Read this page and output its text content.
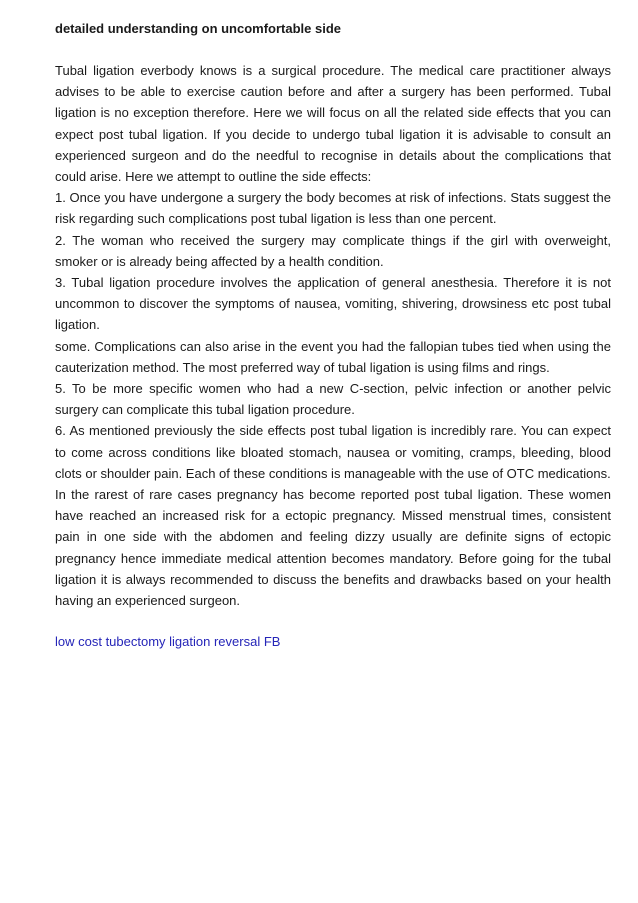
detailed understanding on uncomfortable side

Tubal ligation everbody knows is a surgical procedure. The medical care practitioner always advises to be able to exercise caution before and after a surgery has been performed. Tubal ligation is no exception therefore. Here we will focus on all the related side effects that you can expect post tubal ligation. If you decide to undergo tubal ligation it is advisable to consult an experienced surgeon and do the needful to recognise in details about the complications that could arise. Here we attempt to outline the side effects:

1. Once you have undergone a surgery the body becomes at risk of infections. Stats suggest the risk regarding such complications post tubal ligation is less than one percent.

2. The woman who received the surgery may complicate things if the girl with overweight, smoker or is already being affected by a health condition.

3. Tubal ligation procedure involves the application of general anesthesia. Therefore it is not uncommon to discover the symptoms of nausea, vomiting, shivering, drowsiness etc post tubal ligation.

some. Complications can also arise in the event you had the fallopian tubes tied when using the cauterization method. The most preferred way of tubal ligation is using films and rings.

5. To be more specific women who had a new C-section, pelvic infection or another pelvic surgery can complicate this tubal ligation procedure.

6. As mentioned previously the side effects post tubal ligation is incredibly rare. You can expect to come across conditions like bloated stomach, nausea or vomiting, cramps, bleeding, blood clots or shoulder pain. Each of these conditions is manageable with the use of OTC medications.

In the rarest of rare cases pregnancy has become reported post tubal ligation. These women have reached an increased risk for a ectopic pregnancy. Missed menstrual times, consistent pain in one side with the abdomen and feeling dizzy usually are definite signs of ectopic pregnancy hence immediate medical attention becomes mandatory. Before going for the tubal ligation it is always recommended to discuss the benefits and drawbacks based on your health having an experienced surgeon.

low cost tubectomy ligation reversal FB
